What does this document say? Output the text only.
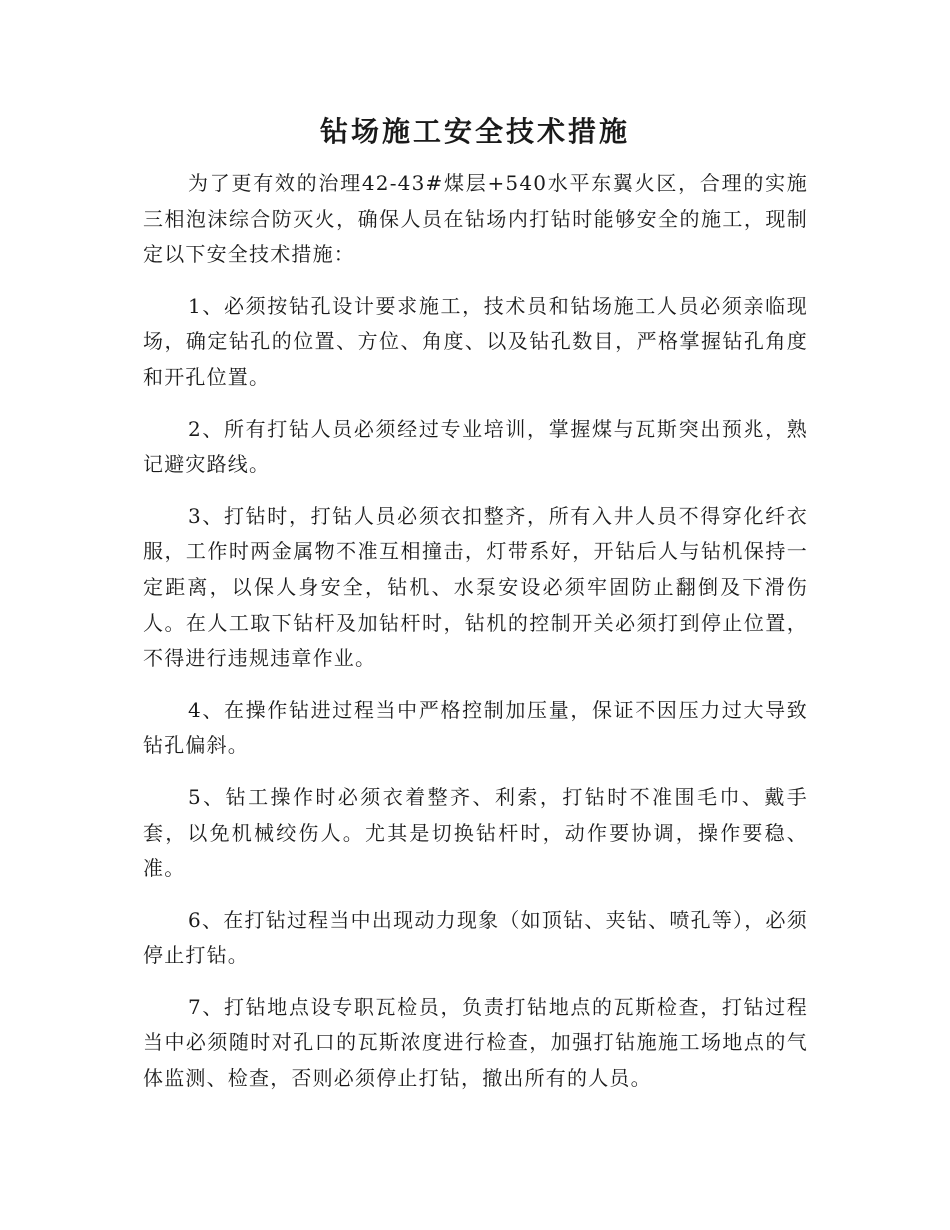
钻场施工安全技术措施

为了更有效的治理42-43#煤层+540水平东翼火区，合理的实施三相泡沫综合防灭火，确保人员在钻场内打钻时能够安全的施工，现制定以下安全技术措施：

1、必须按钻孔设计要求施工，技术员和钻场施工人员必须亲临现场，确定钻孔的位置、方位、角度、以及钻孔数目，严格掌握钻孔角度和开孔位置。

2、所有打钻人员必须经过专业培训，掌握煤与瓦斯突出预兆，熟记避灾路线。

3、打钻时，打钻人员必须衣扣整齐，所有入井人员不得穿化纤衣服，工作时两金属物不准互相撞击，灯带系好，开钻后人与钻机保持一定距离，以保人身安全，钻机、水泵安设必须牢固防止翻倒及下滑伤人。在人工取下钻杆及加钻杆时，钻机的控制开关必须打到停止位置，不得进行违规违章作业。

4、在操作钻进过程当中严格控制加压量，保证不因压力过大导致钻孔偏斜。

5、钻工操作时必须衣着整齐、利索，打钻时不准围毛巾、戴手套，以免机械绞伤人。尤其是切换钻杆时，动作要协调，操作要稳、准。

6、在打钻过程当中出现动力现象（如顶钻、夹钻、喷孔等），必须停止打钻。

7、打钻地点设专职瓦检员，负责打钻地点的瓦斯检查，打钻过程当中必须随时对孔口的瓦斯浓度进行检查，加强打钻施施工场地点的气体监测、检查，否则必须停止打钻，撤出所有的人员。
